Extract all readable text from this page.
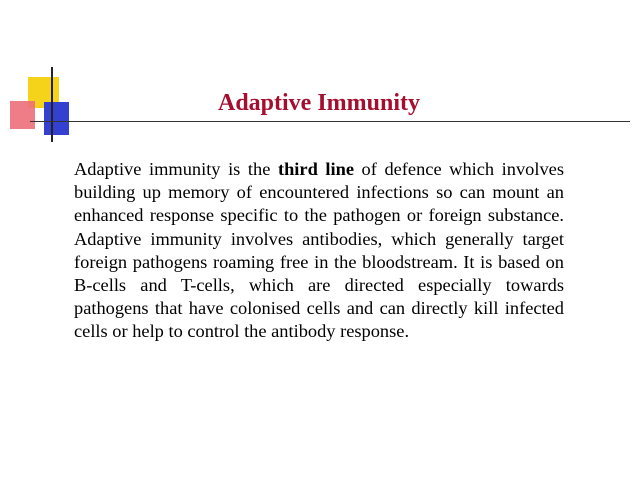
Adaptive Immunity

Adaptive immunity is the third line of defence which involves building up memory of encountered infections so can mount an enhanced response specific to the pathogen or foreign substance. Adaptive immunity involves antibodies, which generally target foreign pathogens roaming free in the bloodstream. It is based on B-cells and T-cells, which are directed especially towards pathogens that have colonised cells and can directly kill infected cells or help to control the antibody response.
